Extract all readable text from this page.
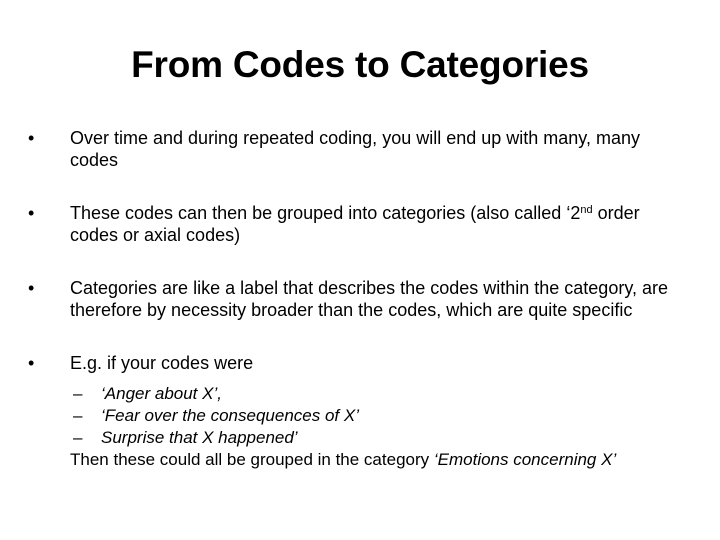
From Codes to Categories
•	Over time and during repeated coding, you will end up with many, many codes
•	These codes can then be grouped into categories (also called ‘2nd order codes or axial codes)
•	Categories are like a label that describes the codes within the category, are therefore by necessity broader than the codes, which are quite specific
•	E.g. if your codes were
– ‘Anger about X’,
– ‘Fear over the consequences of X’
– Surprise that X happened’
Then these could all be grouped in the category ‘Emotions concerning X’
